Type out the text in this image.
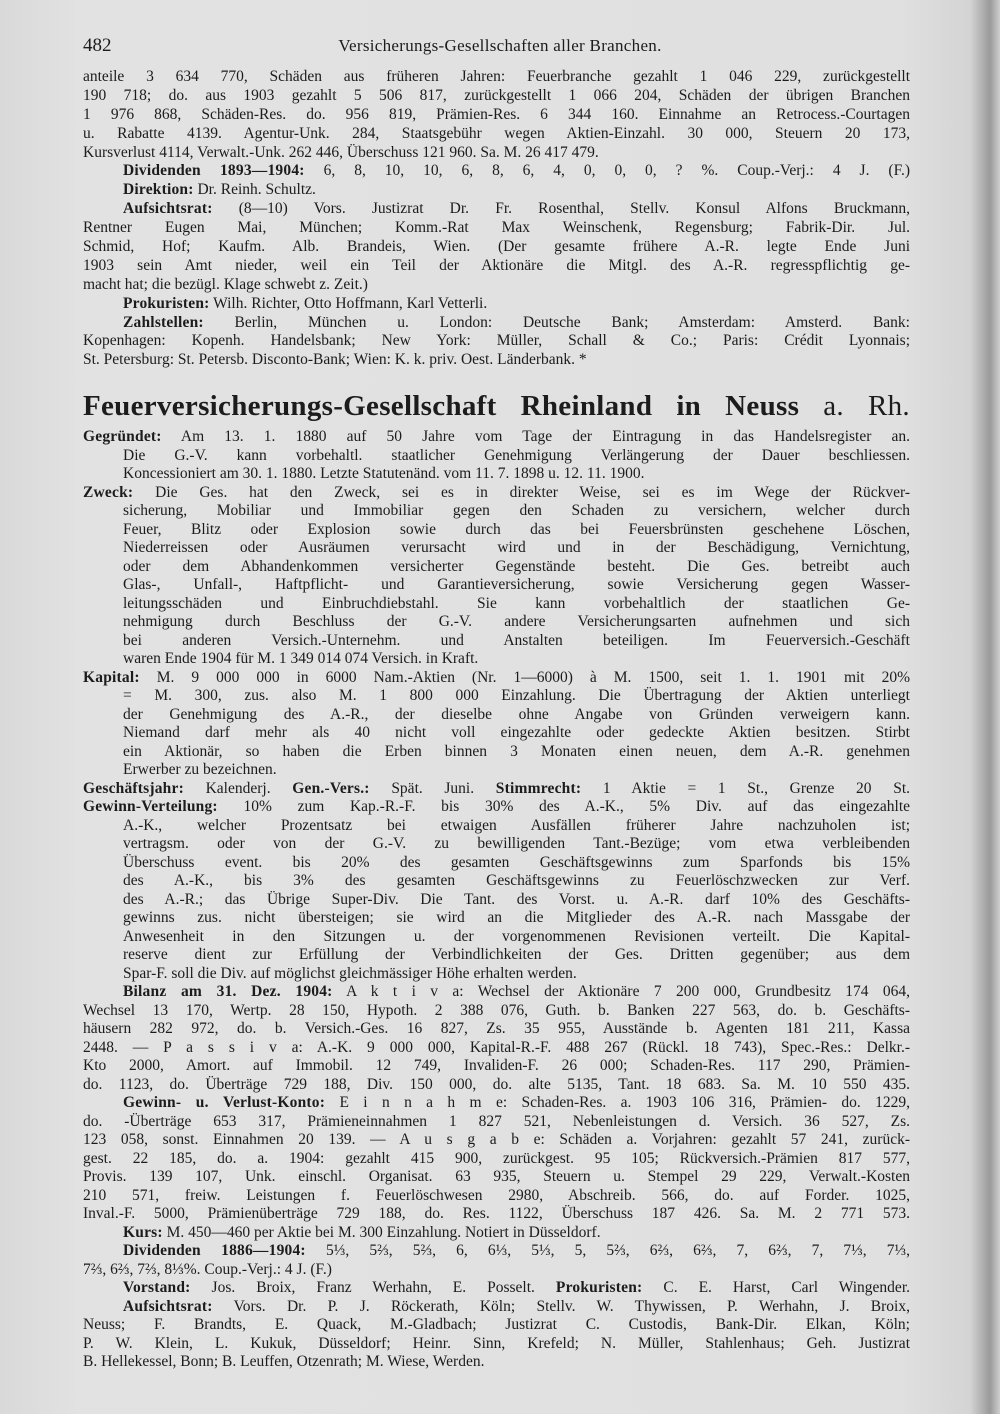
482	Versicherungs-Gesellschaften aller Branchen.
anteile 3 634 770, Schäden aus früheren Jahren: Feuerbranche gezahlt 1 046 229, zurückgestellt
190 718; do. aus 1903 gezahlt 5 506 817, zurückgestellt 1 066 204, Schäden der übrigen Branchen
1 976 868, Schäden-Res. do. 956 819, Prämien-Res. 6 344 160. Einnahme an Retrocess.-Courtagen
u. Rabatte 4139. Agentur-Unk. 284, Staatsgebühr wegen Aktien-Einzahl. 30 000, Steuern 20 173,
Kursverlust 4114, Verwalt.-Unk. 262 446, Überschuss 121 960. Sa. M. 26 417 479.
Dividenden 1893—1904: 6, 8, 10, 10, 6, 8, 6, 4, 0, 0, 0, ? %. Coup.-Verj.: 4 J. (F.)
Direktion: Dr. Reinh. Schultz.
Aufsichtsrat: (8—10) Vors. Justizrat Dr. Fr. Rosenthal, Stellv. Konsul Alfons Bruckmann,
Rentner Eugen Mai, München; Komm.-Rat Max Weinschenk, Regensburg; Fabrik-Dir. Jul.
Schmid, Hof; Kaufm. Alb. Brandeis, Wien. (Der gesamte frühere A.-R. legte Ende Juni
1903 sein Amt nieder, weil ein Teil der Aktionäre die Mitgl. des A.-R. regresspflichtig ge-
macht hat; die bezügl. Klage schwebt z. Zeit.)
Prokuristen: Wilh. Richter, Otto Hoffmann, Karl Vetterli.
Zahlstellen: Berlin, München u. London: Deutsche Bank; Amsterdam: Amsterd. Bank:
Kopenhagen: Kopenh. Handelsbank; New York: Müller, Schall & Co.; Paris: Crédit Lyonnais;
St. Petersburg: St. Petersb. Disconto-Bank; Wien: K. k. priv. Oest. Länderbank. *
Feuerversicherungs-Gesellschaft Rheinland in Neuss a. Rh.
Gegründet: Am 13. 1. 1880 auf 50 Jahre vom Tage der Eintragung in das Handelsregister an.
Die G.-V. kann vorbehaltl. staatlicher Genehmigung Verlängerung der Dauer beschliessen.
Koncessioniert am 30. 1. 1880. Letzte Statutenänd. vom 11. 7. 1898 u. 12. 11. 1900.
Zweck: Die Ges. hat den Zweck, sei es in direkter Weise, sei es im Wege der Rückver-
sicherung, Mobiliar und Immobiliar gegen den Schaden zu versichern, welcher durch
Feuer, Blitz oder Explosion sowie durch das bei Feuersbrünsten geschehene Löschen,
Niederreissen oder Ausräumen verursacht wird und in der Beschädigung, Vernichtung,
oder dem Abhandenkommen versicherter Gegenstände besteht. Die Ges. betreibt auch
Glas-, Unfall-, Haftpflicht- und Garantieversicherung, sowie Versicherung gegen Wasser-
leitungsschäden und Einbruchdiebstahl. Sie kann vorbehaltlich der staatlichen Ge-
nehmigung durch Beschluss der G.-V. andere Versicherungsarten aufnehmen und sich
bei anderen Versich.-Unternehm. und Anstalten beteiligen. Im Feuerversich.-Geschäft
waren Ende 1904 für M. 1 349 014 074 Versich. in Kraft.
Kapital: M. 9 000 000 in 6000 Nam.-Aktien (Nr. 1—6000) à M. 1500, seit 1. 1. 1901 mit 20%
= M. 300, zus. also M. 1 800 000 Einzahlung. Die Übertragung der Aktien unterliegt
der Genehmigung des A.-R., der dieselbe ohne Angabe von Gründen verweigern kann.
Niemand darf mehr als 40 nicht voll eingezahlte oder gedeckte Aktien besitzen. Stirbt
ein Aktionär, so haben die Erben binnen 3 Monaten einen neuen, dem A.-R. genehmen
Erwerber zu bezeichnen.
Geschäftsjahr: Kalenderj. Gen.-Vers.: Spät. Juni. Stimmrecht: 1 Aktie = 1 St., Grenze 20 St.
Gewinn-Verteilung: 10% zum Kap.-R.-F. bis 30% des A.-K., 5% Div. auf das eingezahlte
A.-K., welcher Prozentsatz bei etwaigen Ausfällen früherer Jahre nachzuholen ist;
vertragsm. oder von der G.-V. zu bewilligenden Tant.-Bezüge; vom etwa verbleibenden
Überschuss event. bis 20% des gesamten Geschäftsgewinns zum Sparfonds bis 15%
des A.-K., bis 3% des gesamten Geschäftsgewinns zu Feuerlöschzwecken zur Verf.
des A.-R.; das Übrige Super-Div. Die Tant. des Vorst. u. A.-R. darf 10% des Geschäfts-
gewinns zus. nicht übersteigen; sie wird an die Mitglieder des A.-R. nach Massgabe der
Anwesenheit in den Sitzungen u. der vorgenommenen Revisionen verteilt. Die Kapital-
reserve dient zur Erfüllung der Verbindlichkeiten der Ges. Dritten gegenüber; aus dem
Spar-F. soll die Div. auf möglichst gleichmässiger Höhe erhalten werden.
Bilanz am 31. Dez. 1904: A k t i v a: Wechsel der Aktionäre 7 200 000, Grundbesitz 174 064,
Wechsel 13 170, Wertp. 28 150, Hypoth. 2 388 076, Guth. b. Banken 227 563, do. b. Geschäfts-
häusern 282 972, do. b. Versich.-Ges. 16 827, Zs. 35 955, Ausstände b. Agenten 181 211, Kassa
2448. — P a s s i v a: A.-K. 9 000 000, Kapital-R.-F. 488 267 (Rückl. 18 743), Spec.-Res.: Delkr.-
Kto 2000, Amort. auf Immobil. 12 749, Invaliden-F. 26 000; Schaden-Res. 117 290, Prämien-
do. 1123, do. Überträge 729 188, Div. 150 000, do. alte 5135, Tant. 18 683. Sa. M. 10 550 435.
Gewinn- u. Verlust-Konto: E i n n a h m e: Schaden-Res. a. 1903 106 316, Prämien- do. 1229,
do. -Überträge 653 317, Prämieneinnahmen 1 827 521, Nebenleistungen d. Versich. 36 527, Zs.
123 058, sonst. Einnahmen 20 139. — A u s g a b e: Schäden a. Vorjahren: gezahlt 57 241, zurück-
gest. 22 185, do. a. 1904: gezahlt 415 900, zurückgest. 95 105; Rückversich.-Prämien 817 577,
Provis. 139 107, Unk. einschl. Organisat. 63 935, Steuern u. Stempel 29 229, Verwalt.-Kosten
210 571, freiw. Leistungen f. Feuerlöschwesen 2980, Abschreib. 566, do. auf Forder. 1025,
Inval.-F. 5000, Prämienüberträge 729 188, do. Res. 1122, Überschuss 187 426. Sa. M. 2 771 573.
Kurs: M. 450—460 per Aktie bei M. 300 Einzahlung. Notiert in Düsseldorf.
Dividenden 1886—1904: 5⅓, 5⅔, 5⅔, 6, 6⅓, 5⅓, 5, 5⅔, 6⅔, 6⅔, 7, 6⅔, 7, 7⅓, 7⅓,
7⅔, 6⅔, 7⅔, 8⅓%. Coup.-Verj.: 4 J. (F.)
Vorstand: Jos. Broix, Franz Werhahn, E. Posselt. Prokuristen: C. E. Harst, Carl Wingender.
Aufsichtsrat: Vors. Dr. P. J. Röckerath, Köln; Stellv. W. Thywissen, P. Werhahn, J. Broix,
Neuss; F. Brandts, E. Quack, M.-Gladbach; Justizrat C. Custodis, Bank-Dir. Elkan, Köln;
P. W. Klein, L. Kukuk, Düsseldorf; Heinr. Sinn, Krefeld; N. Müller, Stahlenhaus; Geh. Justizrat
B. Hellekessel, Bonn; B. Leuffen, Otzenrath; M. Wiese, Werden.
